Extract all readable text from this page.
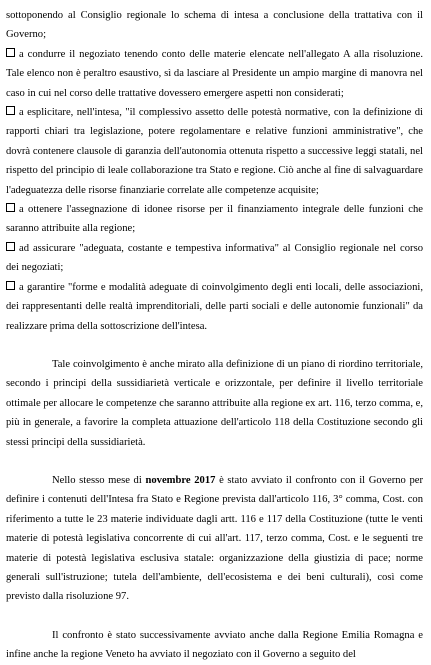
sottoponendo al Consiglio regionale lo schema di intesa a conclusione della trattativa con il Governo;

a condurre il negoziato tenendo conto delle materie elencate nell'allegato A alla risoluzione. Tale elenco non è peraltro esaustivo, sì da lasciare al Presidente un ampio margine di manovra nel caso in cui nel corso delle trattative dovessero emergere aspetti non considerati;

a esplicitare, nell'intesa, "il complessivo assetto delle potestà normative, con la definizione di rapporti chiari tra legislazione, potere regolamentare e relative funzioni amministrative", che dovrà contenere clausole di garanzia dell'autonomia ottenuta rispetto a successive leggi statali, nel rispetto del principio di leale collaborazione tra Stato e regione. Ciò anche al fine di salvaguardare l'adeguatezza delle risorse finanziarie correlate alle competenze acquisite;

a ottenere l'assegnazione di idonee risorse per il finanziamento integrale delle funzioni che saranno attribuite alla regione;

ad assicurare "adeguata, costante e tempestiva informativa" al Consiglio regionale nel corso dei negoziati;

a garantire "forme e modalità adeguate di coinvolgimento degli enti locali, delle associazioni, dei rappresentanti delle realtà imprenditoriali, delle parti sociali e delle autonomie funzionali" da realizzare prima della sottoscrizione dell'intesa.

Tale coinvolgimento è anche mirato alla definizione di un piano di riordino territoriale, secondo i principi della sussidiarietà verticale e orizzontale, per definire il livello territoriale ottimale per allocare le competenze che saranno attribuite alla regione ex art. 116, terzo comma, e, più in generale, a favorire la completa attuazione dell'articolo 118 della Costituzione secondo gli stessi principi della sussidiarietà.

Nello stesso mese di novembre 2017 è stato avviato il confronto con il Governo per definire i contenuti dell'Intesa fra Stato e Regione prevista dall'articolo 116, 3° comma, Cost. con riferimento a tutte le 23 materie individuate dagli artt. 116 e 117 della Costituzione (tutte le venti materie di potestà legislativa concorrente di cui all'art. 117, terzo comma, Cost. e le seguenti tre materie di potestà legislativa esclusiva statale: organizzazione della giustizia di pace; norme generali sull'istruzione; tutela dell'ambiente, dell'ecosistema e dei beni culturali), così come previsto dalla risoluzione 97.

Il confronto è stato successivamente avviato anche dalla Regione Emilia Romagna e infine anche la regione Veneto ha avviato il negoziato con il Governo a seguito del
